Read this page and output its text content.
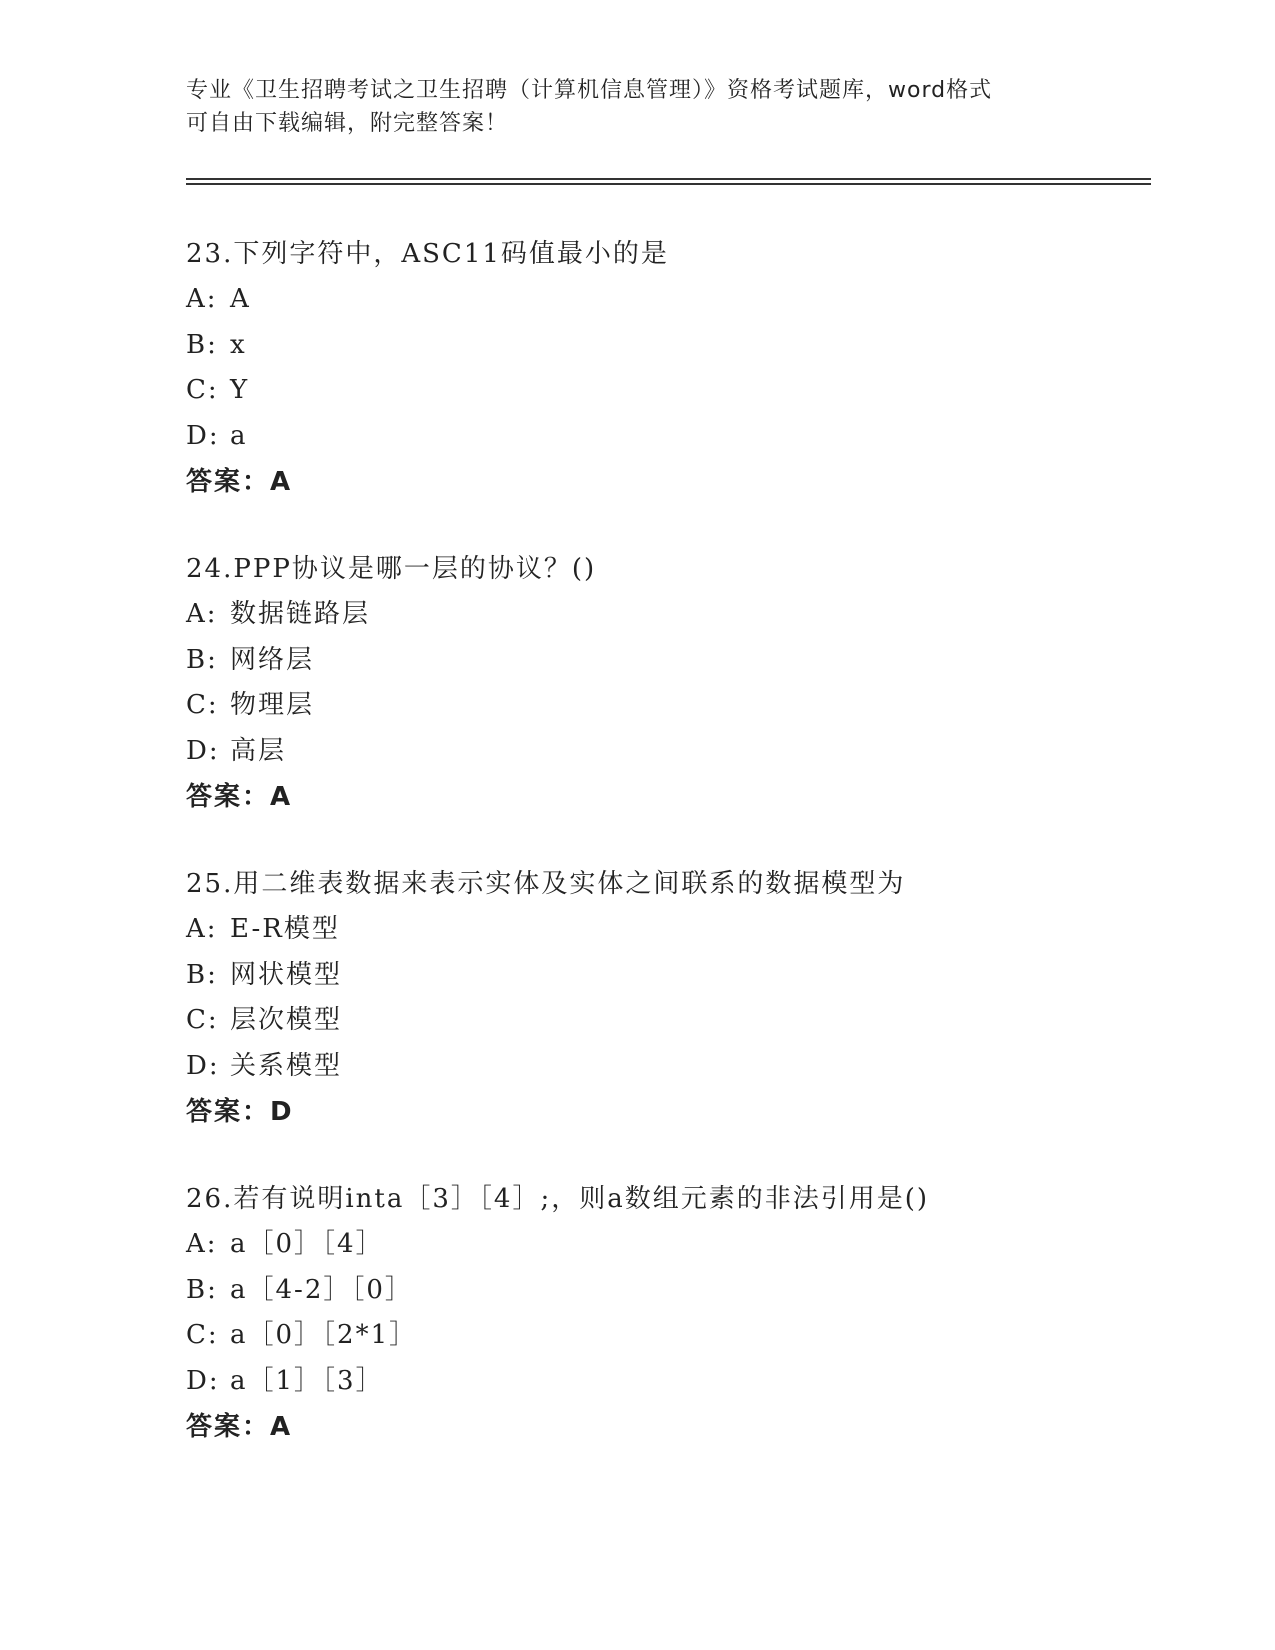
专业《卫生招聘考试之卫生招聘（计算机信息管理）》资格考试题库，word格式
可自由下载编辑，附完整答案！
23.下列字符中，ASC11码值最小的是
A: A
B: x
C: Y
D: a
答案：A
24.PPP协议是哪一层的协议？()
A: 数据链路层
B: 网络层
C: 物理层
D: 高层
答案：A
25.用二维表数据来表示实体及实体之间联系的数据模型为
A: E-R模型
B: 网状模型
C: 层次模型
D: 关系模型
答案：D
26.若有说明inta［3］［4］;，则a数组元素的非法引用是()
A: a［0］［4］
B: a［4-2］［0］
C: a［0］［2*1］
D: a［1］［3］
答案：A
